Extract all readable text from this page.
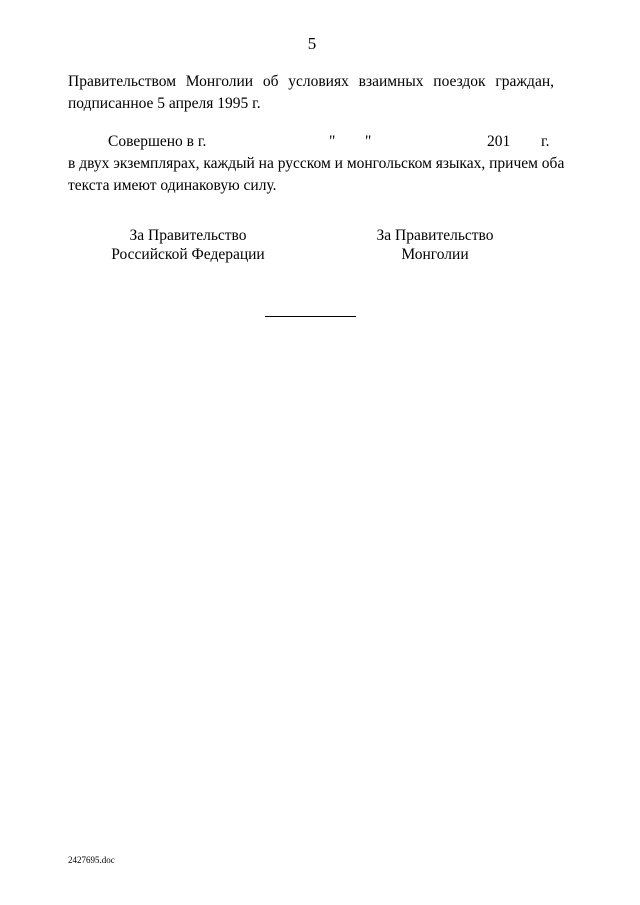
5
Правительством Монголии об условиях взаимных поездок граждан,
подписанное 5 апреля 1995 г.
Совершено в г.	" "	201 г.
в двух экземплярах, каждый на русском и монгольском языках, причем оба
текста имеют одинаковую силу.
За Правительство
Российской Федерации
За Правительство
Монголии
2427695.doc
